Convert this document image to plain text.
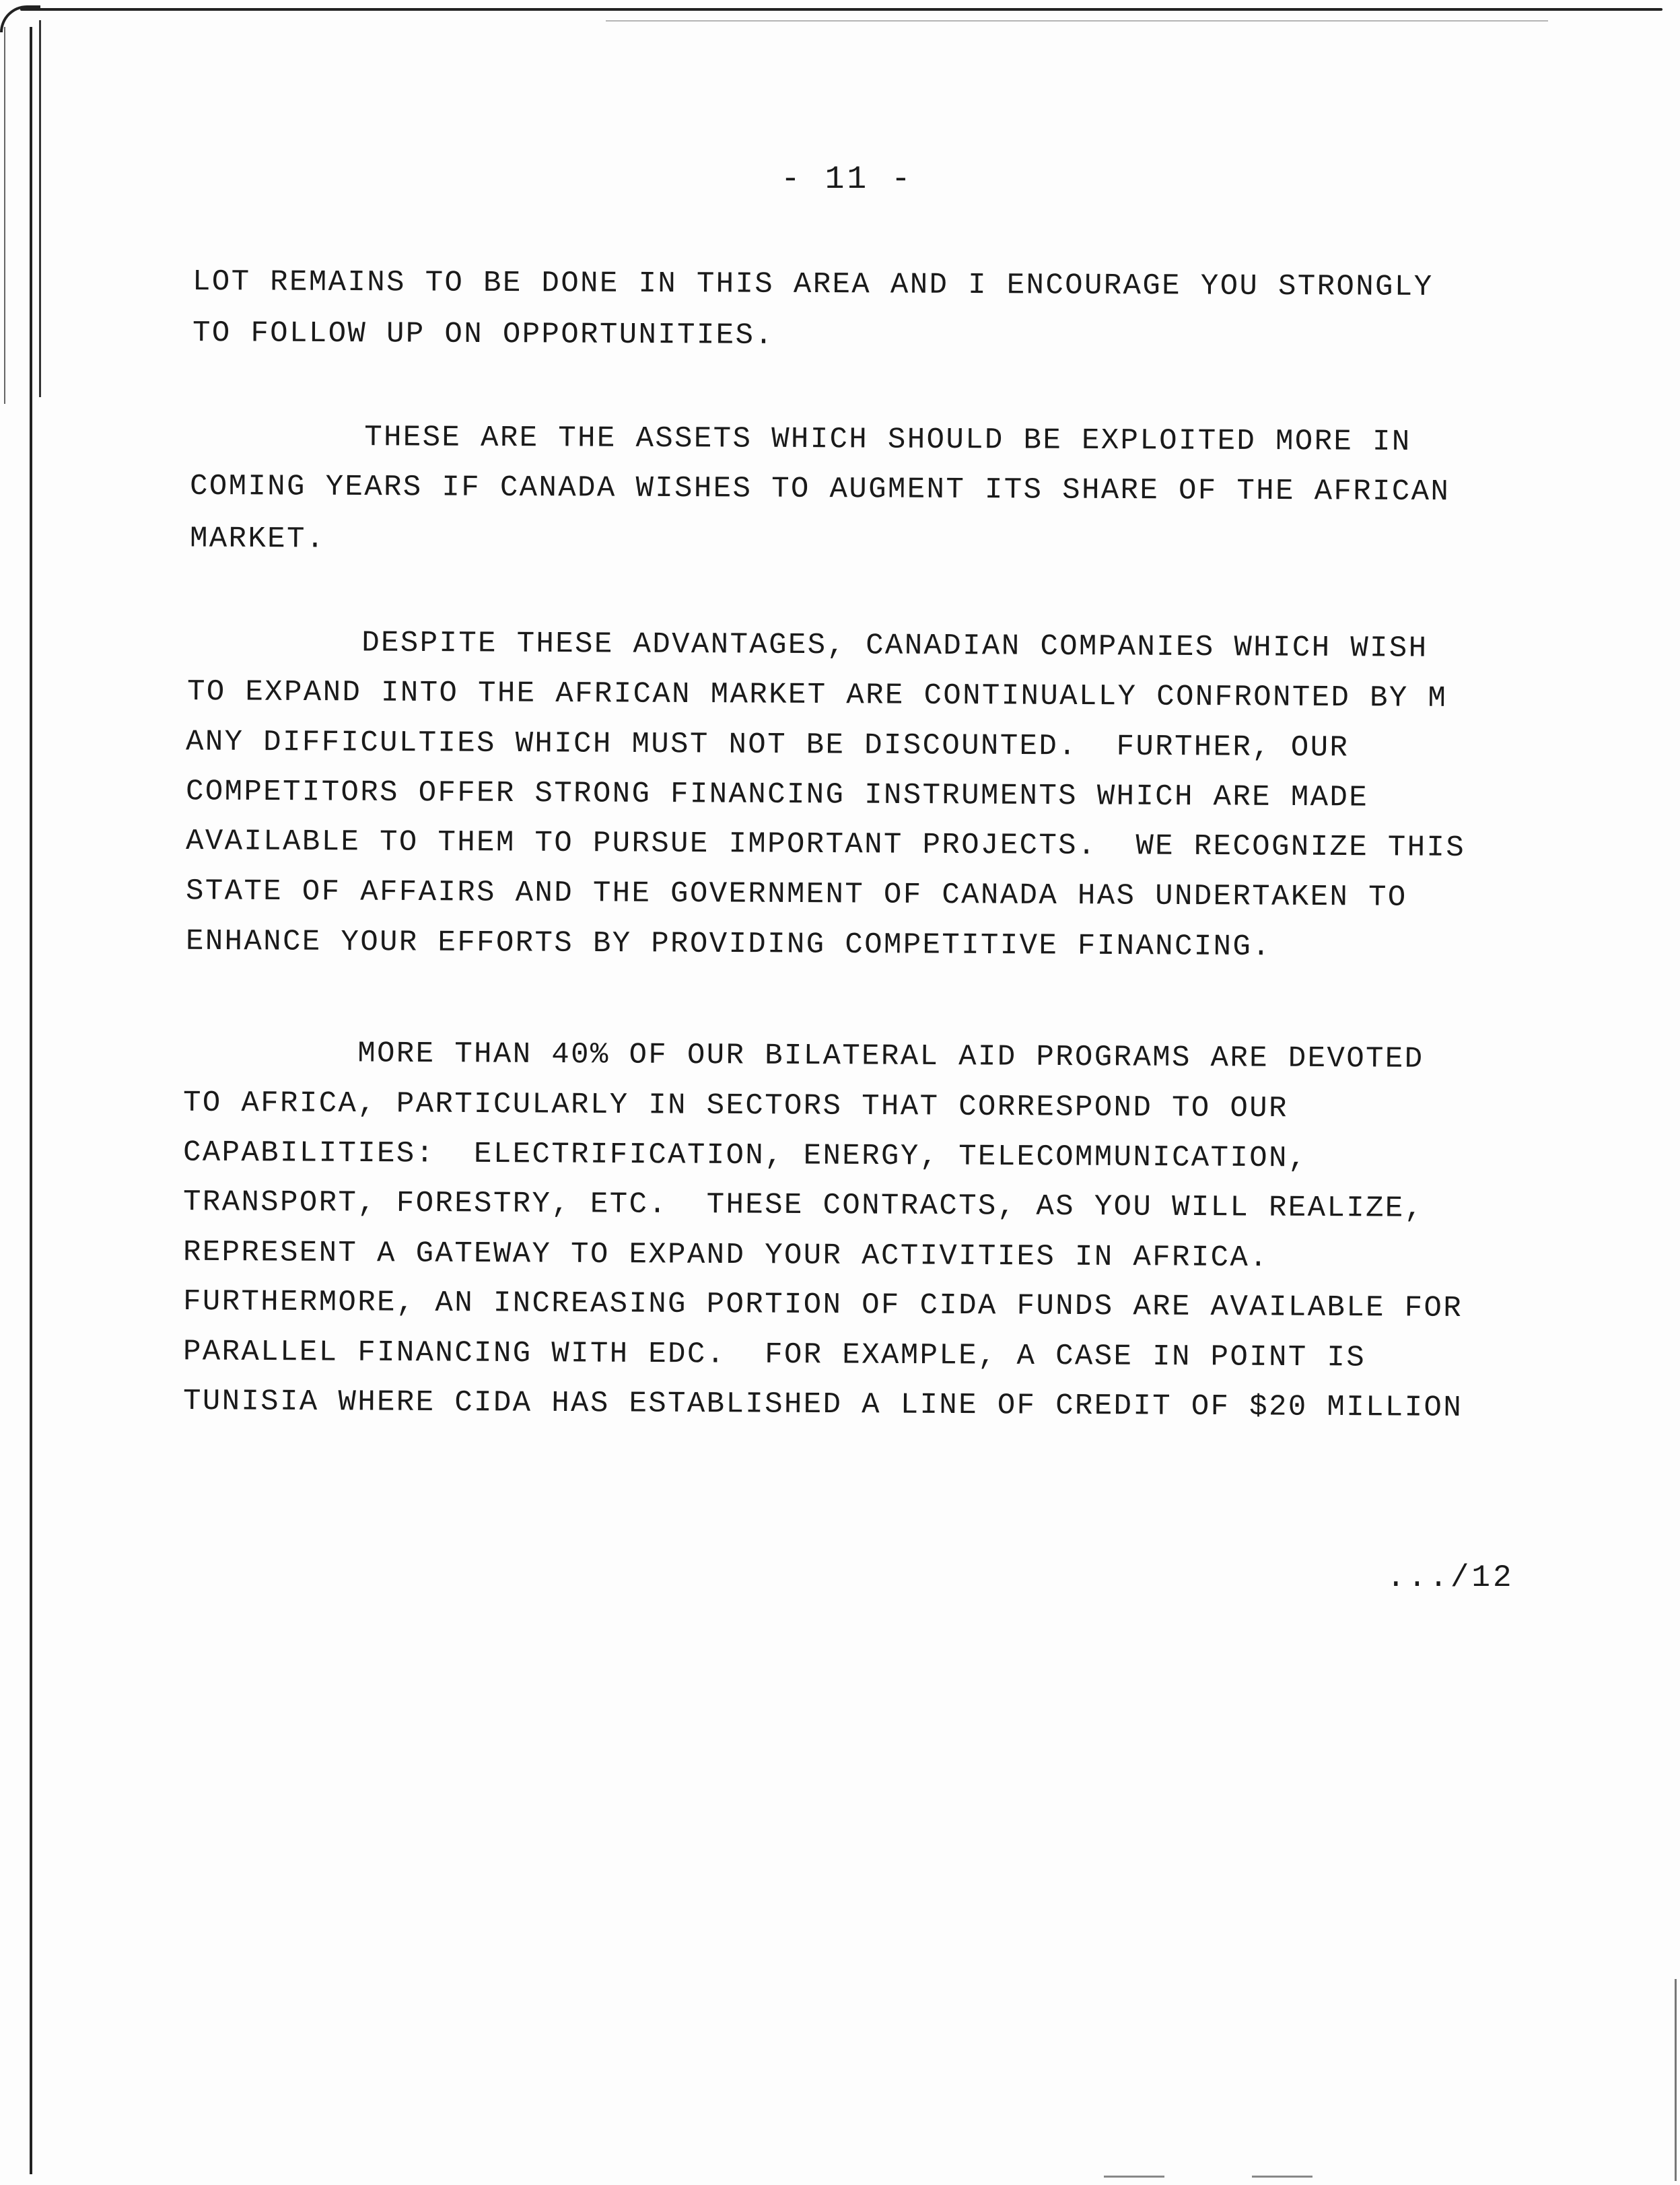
- 11 -
LOT REMAINS TO BE DONE IN THIS AREA AND I ENCOURAGE YOU STRONGLY
TO FOLLOW UP ON OPPORTUNITIES.
THESE ARE THE ASSETS WHICH SHOULD BE EXPLOITED MORE IN
COMING YEARS IF CANADA WISHES TO AUGMENT ITS SHARE OF THE AFRICAN
MARKET.
DESPITE THESE ADVANTAGES, CANADIAN COMPANIES WHICH WISH
TO EXPAND INTO THE AFRICAN MARKET ARE CONTINUALLY CONFRONTED BY M
ANY DIFFICULTIES WHICH MUST NOT BE DISCOUNTED.  FURTHER, OUR
COMPETITORS OFFER STRONG FINANCING INSTRUMENTS WHICH ARE MADE
AVAILABLE TO THEM TO PURSUE IMPORTANT PROJECTS.  WE RECOGNIZE THIS
STATE OF AFFAIRS AND THE GOVERNMENT OF CANADA HAS UNDERTAKEN TO
ENHANCE YOUR EFFORTS BY PROVIDING COMPETITIVE FINANCING.
MORE THAN 40% OF OUR BILATERAL AID PROGRAMS ARE DEVOTED
TO AFRICA, PARTICULARLY IN SECTORS THAT CORRESPOND TO OUR
CAPABILITIES:  ELECTRIFICATION, ENERGY, TELECOMMUNICATION,
TRANSPORT, FORESTRY, ETC.  THESE CONTRACTS, AS YOU WILL REALIZE,
REPRESENT A GATEWAY TO EXPAND YOUR ACTIVITIES IN AFRICA.
FURTHERMORE, AN INCREASING PORTION OF CIDA FUNDS ARE AVAILABLE FOR
PARALLEL FINANCING WITH EDC.  FOR EXAMPLE, A CASE IN POINT IS
TUNISIA WHERE CIDA HAS ESTABLISHED A LINE OF CREDIT OF $20 MILLION
.../12
